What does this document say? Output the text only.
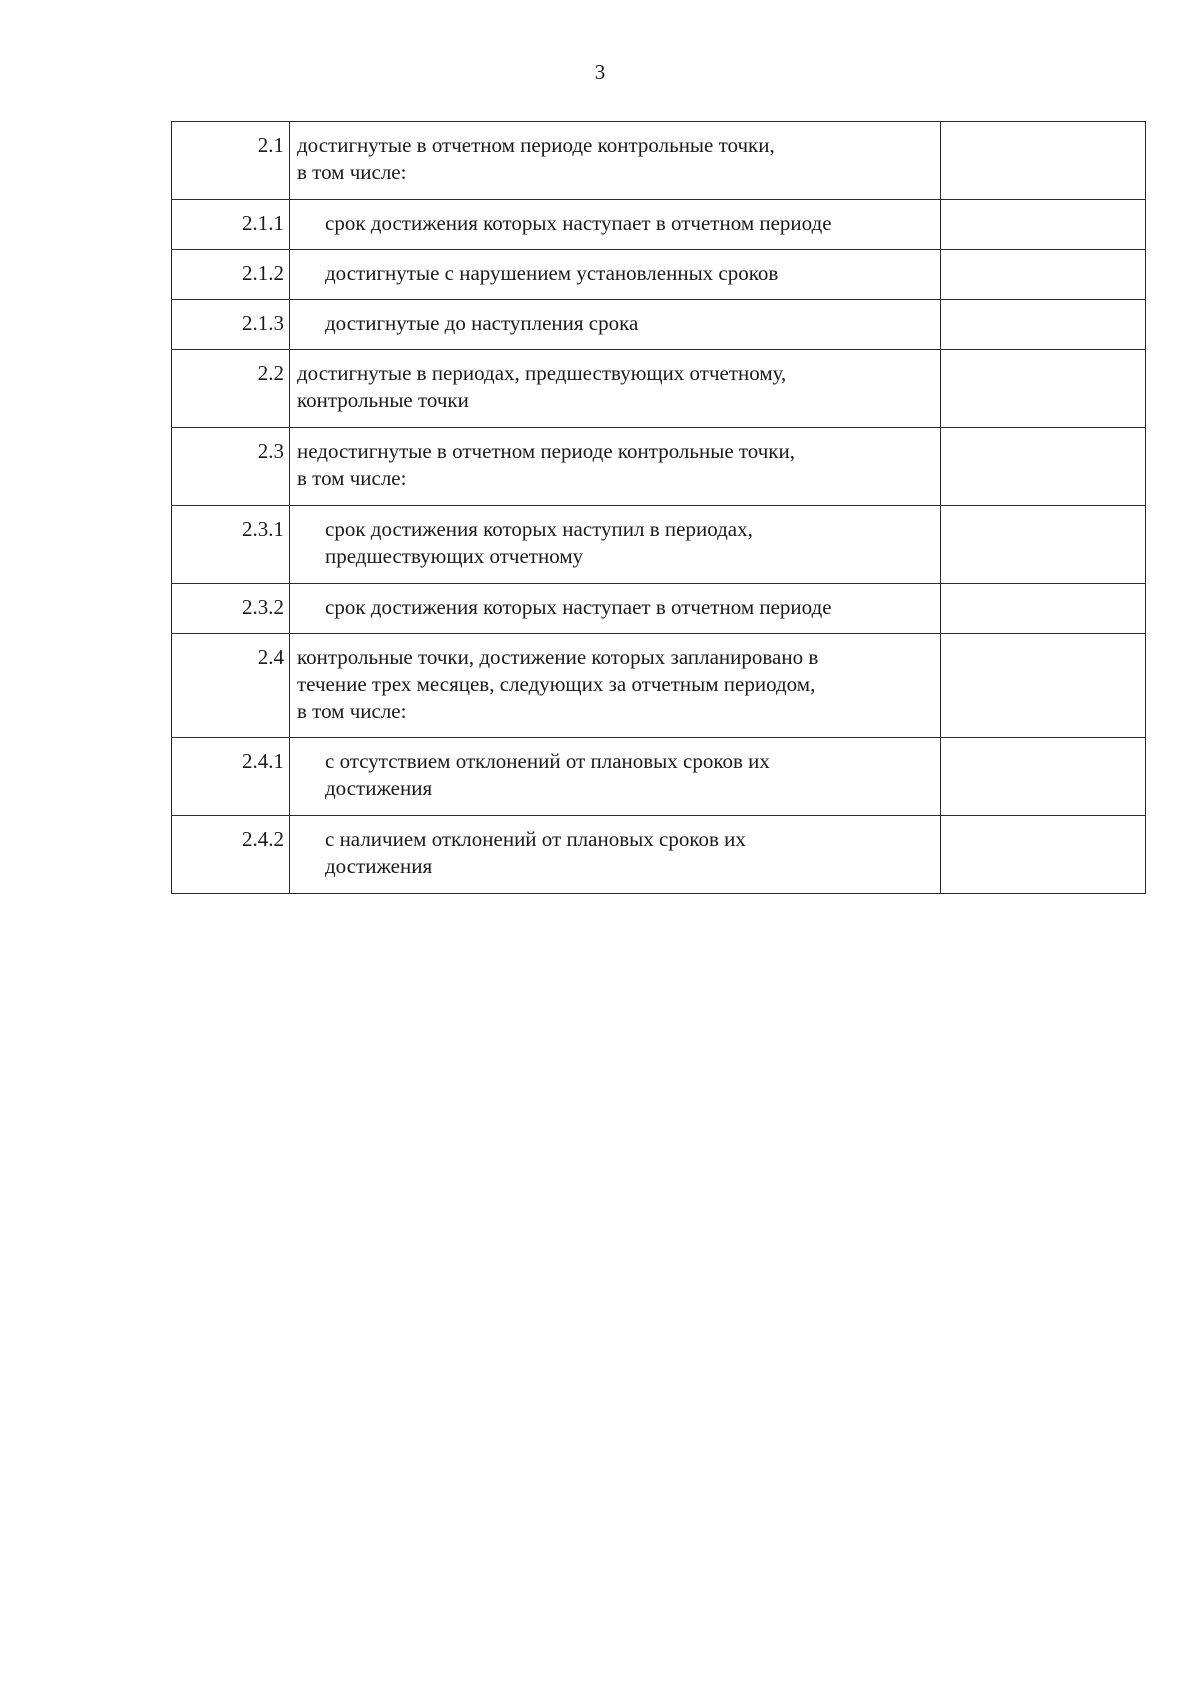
3
2.1	достигнутые в отчетном периоде контрольные точки,
в том числе:	

2.1.1	срок достижения которых наступает в отчетном периоде	

2.1.2	достигнутые с нарушением установленных сроков	

2.1.3	достигнутые до наступления срока	

2.2	достигнутые в периодах, предшествующих отчетному,
контрольные точки	

2.3	недостигнутые в отчетном периоде контрольные точки,
в том числе:	

2.3.1	срок достижения которых наступил в периодах,
предшествующих отчетному	

2.3.2	срок достижения которых наступает в отчетном периоде	

2.4	контрольные точки, достижение которых запланировано в
течение трех месяцев, следующих за отчетным периодом,
в том числе:	

2.4.1	с отсутствием отклонений от плановых сроков их
достижения	

2.4.2	с наличием отклонений от плановых сроков их
достижения	
